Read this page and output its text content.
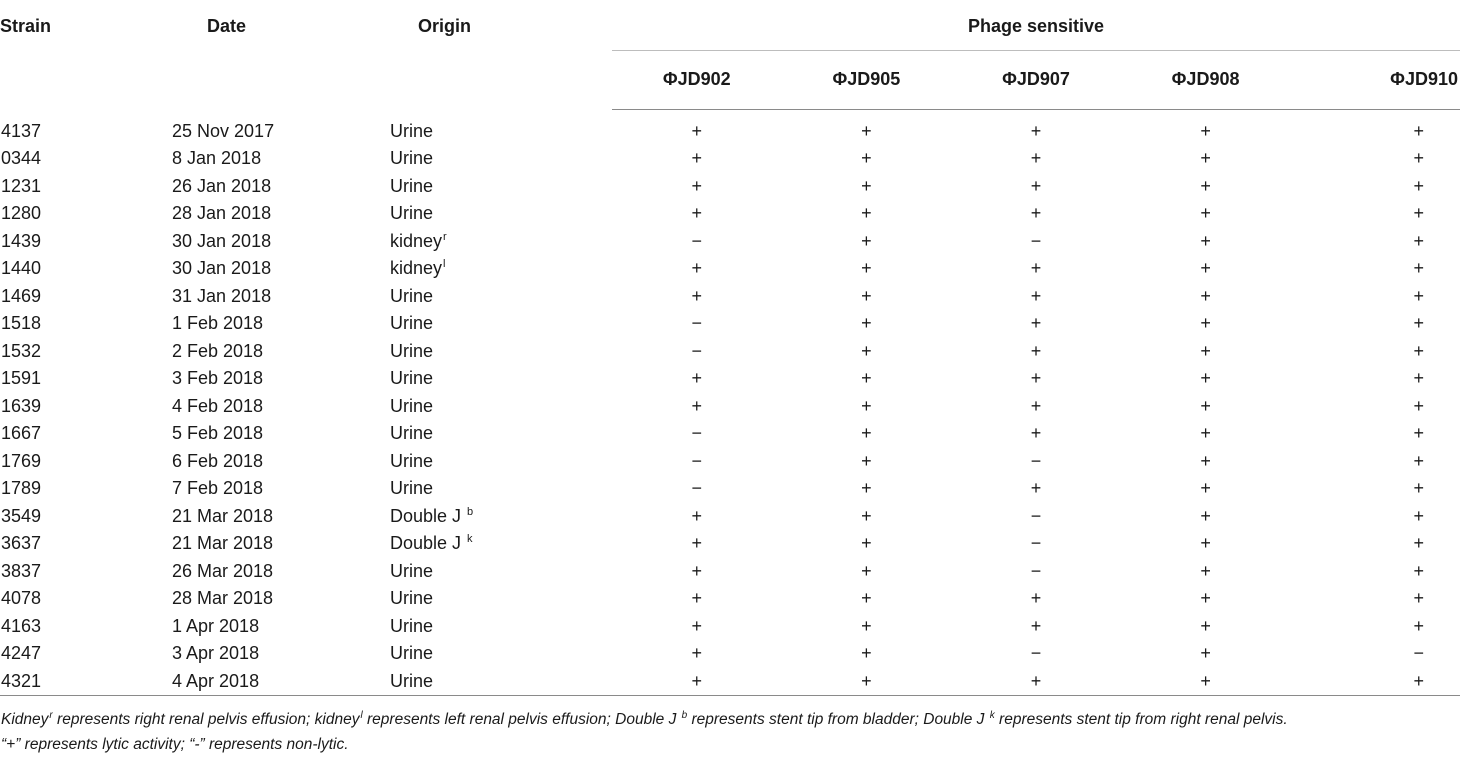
Strain	Date	Origin	Phage sensitive				
			ΦJD902	ΦJD905	ΦJD907	ΦJD908	ΦJD910

4137	25 Nov 2017	Urine	+	+	+	+	+
0344	8 Jan 2018	Urine	+	+	+	+	+
1231	26 Jan 2018	Urine	+	+	+	+	+
1280	28 Jan 2018	Urine	+	+	+	+	+
1439	30 Jan 2018	kidney$^r$	−	+	−	+	+
1440	30 Jan 2018	kidney$^l$	+	+	+	+	+
1469	31 Jan 2018	Urine	+	+	+	+	+
1518	1 Feb 2018	Urine	−	+	+	+	+
1532	2 Feb 2018	Urine	−	+	+	+	+
1591	3 Feb 2018	Urine	+	+	+	+	+
1639	4 Feb 2018	Urine	+	+	+	+	+
1667	5 Feb 2018	Urine	−	+	+	+	+
1769	6 Feb 2018	Urine	−	+	−	+	+
1789	7 Feb 2018	Urine	−	+	+	+	+
3549	21 Mar 2018	Double J $^b$	+	+	−	+	+
3637	21 Mar 2018	Double J $^k$	+	+	−	+	+
3837	26 Mar 2018	Urine	+	+	−	+	+
4078	28 Mar 2018	Urine	+	+	+	+	+
4163	1 Apr 2018	Urine	+	+	+	+	+
4247	3 Apr 2018	Urine	+	+	−	+	−
4321	4 Apr 2018	Urine	+	+	+	+	+
Kidney$^r$ represents right renal pelvis effusion; kidney$^l$ represents left renal pelvis effusion; Double J $^b$ represents stent tip from bladder; Double J $^k$ represents stent tip from right renal pelvis.
“+” represents lytic activity; “-” represents non-lytic.
